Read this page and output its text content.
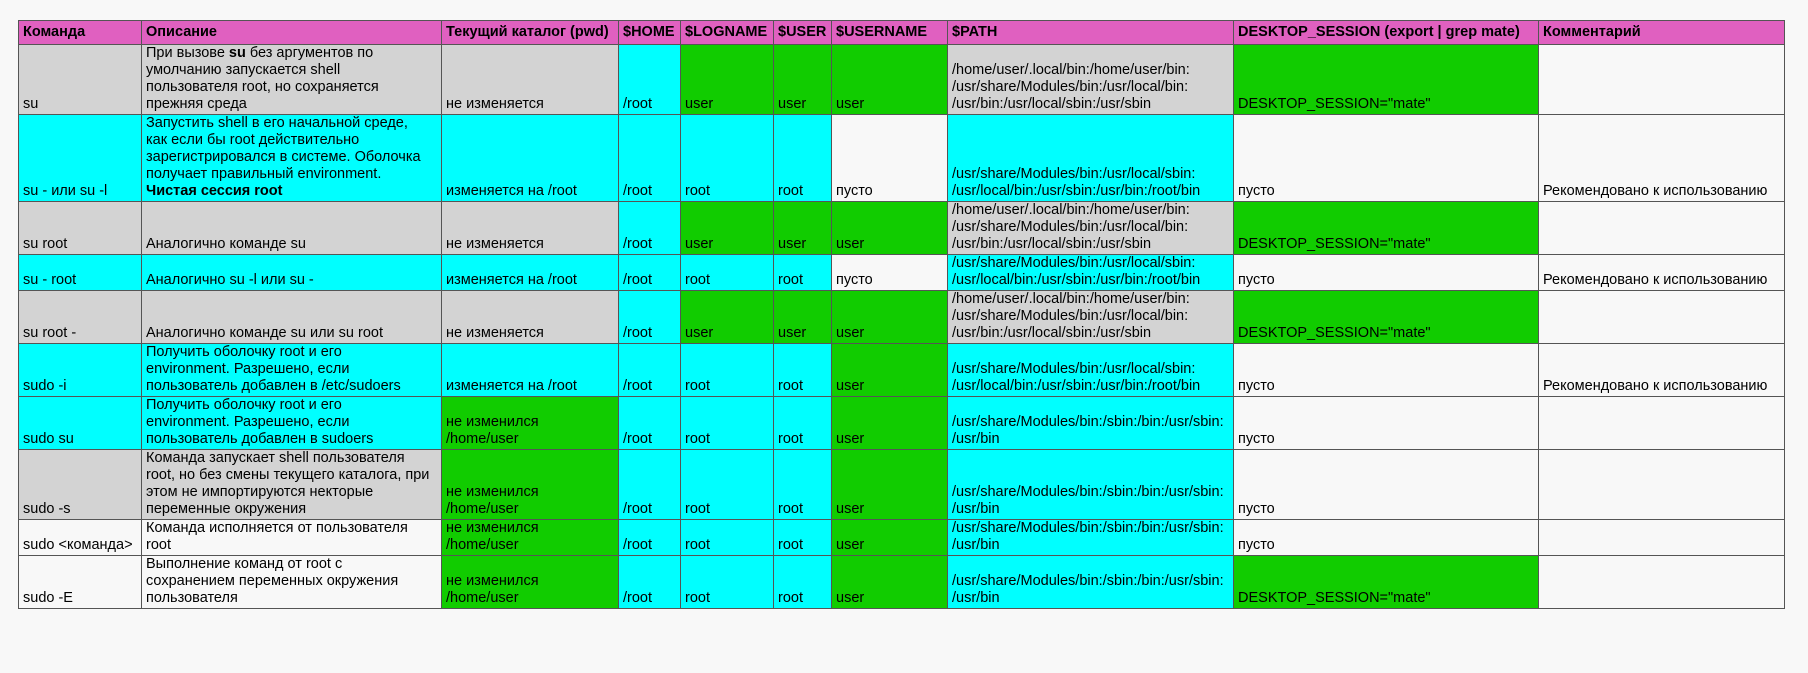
Команда	Описание	Текущий каталог (pwd)	$HOME	$LOGNAME	$USER	$USERNAME	$PATH	DESKTOP_SESSION (export | grep mate)	Комментарий

su	При вызове su без аргументов по
умолчанию запускается shell
пользователя root, но сохраняется
прежняя среда	не изменяется	/root	user	user	user	/home/user/.local/bin:/home/user/bin:
/usr/share/Modules/bin:/usr/local/bin:
/usr/bin:/usr/local/sbin:/usr/sbin	DESKTOP_SESSION="mate"	

su - или su -l	Запустить shell в его начальной среде,
как если бы root действительно
зарегистрировался в системе. Оболочка
получает правильный environment.
Чистая сессия root	изменяется на /root	/root	root	root	пусто	/usr/share/Modules/bin:/usr/local/sbin:
/usr/local/bin:/usr/sbin:/usr/bin:/root/bin	пусто	Рекомендовано к использованию

su root	Аналогично команде su	не изменяется	/root	user	user	user	/home/user/.local/bin:/home/user/bin:
/usr/share/Modules/bin:/usr/local/bin:
/usr/bin:/usr/local/sbin:/usr/sbin	DESKTOP_SESSION="mate"	

su - root	Аналогично su -l или su -	изменяется на /root	/root	root	root	пусто	/usr/share/Modules/bin:/usr/local/sbin:
/usr/local/bin:/usr/sbin:/usr/bin:/root/bin	пусто	Рекомендовано к использованию

su root -	Аналогично команде su или su root	не изменяется	/root	user	user	user	/home/user/.local/bin:/home/user/bin:
/usr/share/Modules/bin:/usr/local/bin:
/usr/bin:/usr/local/sbin:/usr/sbin	DESKTOP_SESSION="mate"	

sudo -i	Получить оболочку root и его
environment. Разрешено, если
пользователь добавлен в /etc/sudoers	изменяется на /root	/root	root	root	user	/usr/share/Modules/bin:/usr/local/sbin:
/usr/local/bin:/usr/sbin:/usr/bin:/root/bin	пусто	Рекомендовано к использованию

sudo su	Получить оболочку root и его
environment. Разрешено, если
пользователь добавлен в sudoers	не изменился
/home/user	/root	root	root	user	/usr/share/Modules/bin:/sbin:/bin:/usr/sbin:
/usr/bin	пусто	

sudo -s	Команда запускает shell пользователя
root, но без смены текущего каталога, при
этом не импортируются некторые
переменные окружения	не изменился
/home/user	/root	root	root	user	/usr/share/Modules/bin:/sbin:/bin:/usr/sbin:
/usr/bin	пусто	

sudo <команда>	Команда исполняется от пользователя
root	не изменился
/home/user	/root	root	root	user	/usr/share/Modules/bin:/sbin:/bin:/usr/sbin:
/usr/bin	пусто	

sudo -E	Выполнение команд от root с
сохранением переменных окружения
пользователя	не изменился
/home/user	/root	root	root	user	/usr/share/Modules/bin:/sbin:/bin:/usr/sbin:
/usr/bin	DESKTOP_SESSION="mate"	
